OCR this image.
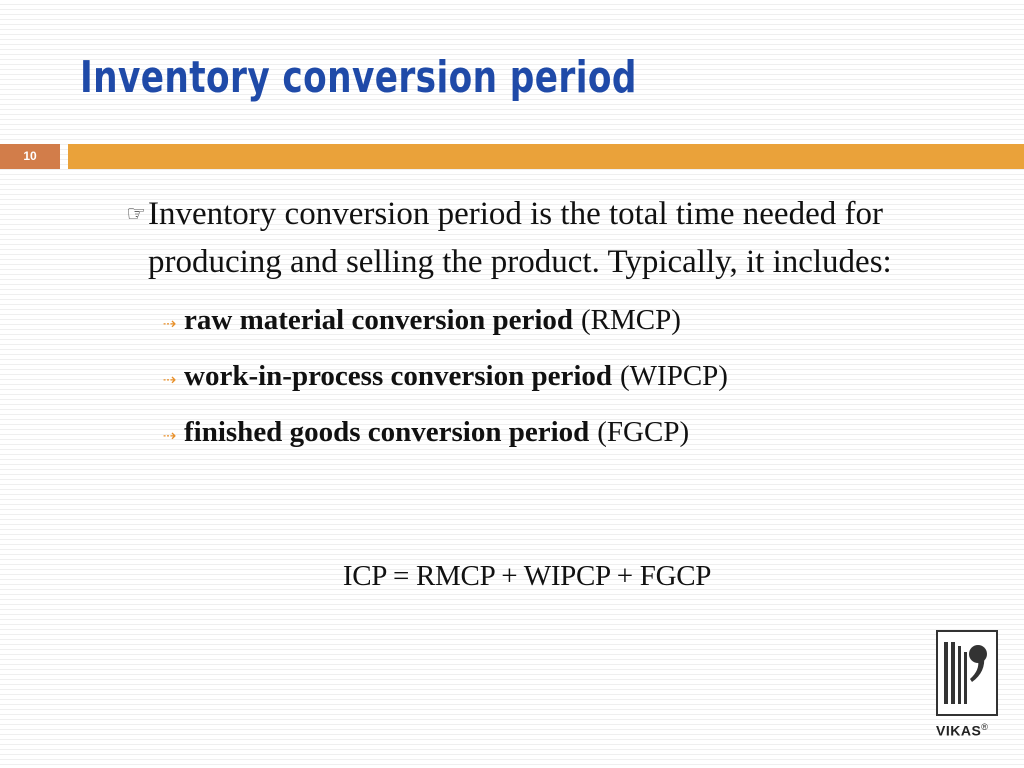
Inventory conversion period
10
☞ Inventory conversion period is the total time needed for producing and selling the product. Typically, it includes:
⇢ raw material conversion period (RMCP)
⇢ work-in-process conversion period (WIPCP)
⇢ finished goods conversion period (FGCP)
ICP = RMCP + WIPCP + FGCP
VIKAS®
